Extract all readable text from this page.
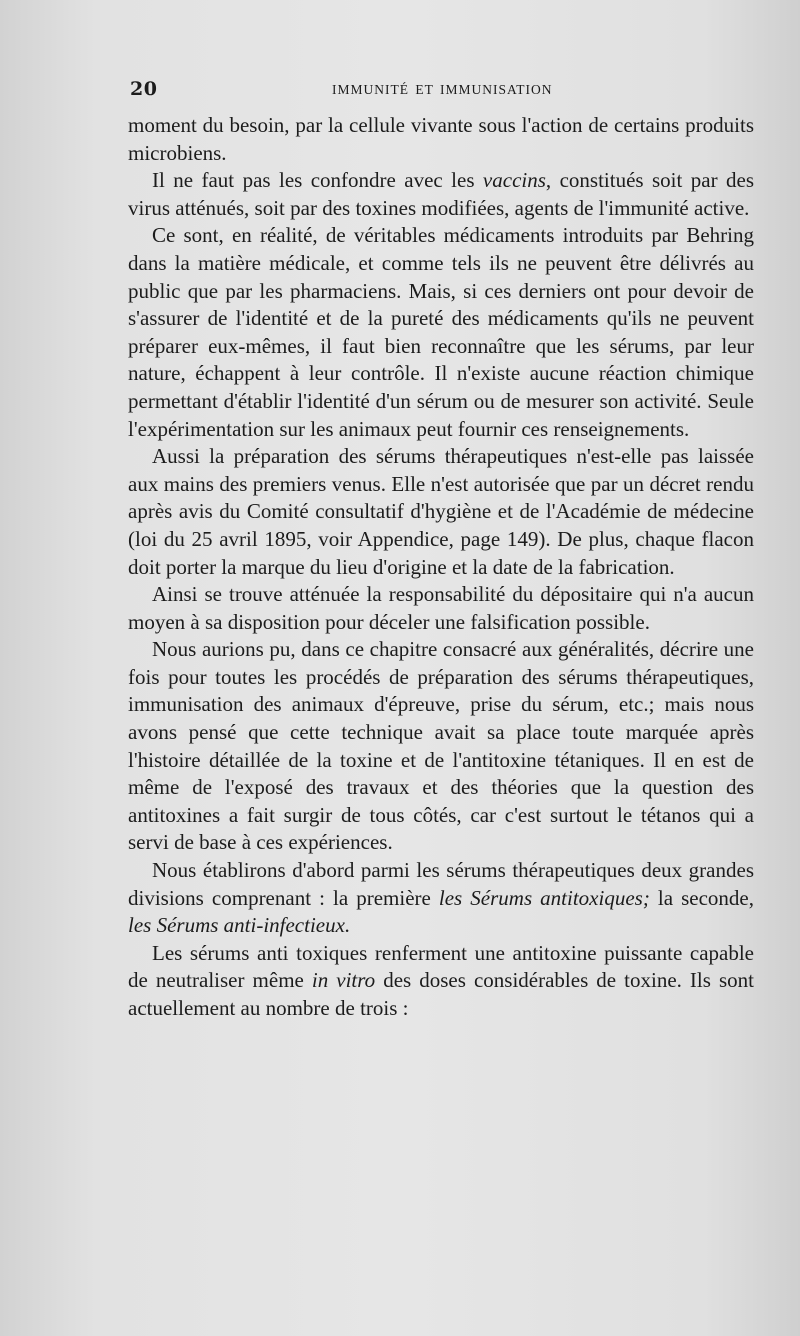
20	IMMUNITÉ ET IMMUNISATION

moment du besoin, par la cellule vivante sous l'action de certains produits microbiens.

Il ne faut pas les confondre avec les vaccins, constitués soit par des virus atténués, soit par des toxines modifiées, agents de l'immunité active.

Ce sont, en réalité, de véritables médicaments introduits par Behring dans la matière médicale, et comme tels ils ne peuvent être délivrés au public que par les pharmaciens. Mais, si ces derniers ont pour devoir de s'assurer de l'identité et de la pureté des médicaments qu'ils ne peuvent préparer eux-mêmes, il faut bien reconnaître que les sérums, par leur nature, échappent à leur contrôle. Il n'existe aucune réaction chimique permettant d'établir l'identité d'un sérum ou de mesurer son activité. Seule l'expérimentation sur les animaux peut fournir ces renseignements.

Aussi la préparation des sérums thérapeutiques n'est-elle pas laissée aux mains des premiers venus. Elle n'est autorisée que par un décret rendu après avis du Comité consultatif d'hygiène et de l'Académie de médecine (loi du 25 avril 1895, voir Appendice, page 149). De plus, chaque flacon doit porter la marque du lieu d'origine et la date de la fabrication.

Ainsi se trouve atténuée la responsabilité du dépositaire qui n'a aucun moyen à sa disposition pour déceler une falsification possible.

Nous aurions pu, dans ce chapitre consacré aux généralités, décrire une fois pour toutes les procédés de préparation des sérums thérapeutiques, immunisation des animaux d'épreuve, prise du sérum, etc.; mais nous avons pensé que cette technique avait sa place toute marquée après l'histoire détaillée de la toxine et de l'antitoxine tétaniques. Il en est de même de l'exposé des travaux et des théories que la question des antitoxines a fait surgir de tous côtés, car c'est surtout le tétanos qui a servi de base à ces expériences.

Nous établirons d'abord parmi les sérums thérapeutiques deux grandes divisions comprenant : la première les Sérums antitoxiques; la seconde, les Sérums anti-infectieux.

Les sérums anti toxiques renferment une antitoxine puissante capable de neutraliser même in vitro des doses considérables de toxine. Ils sont actuellement au nombre de trois :
